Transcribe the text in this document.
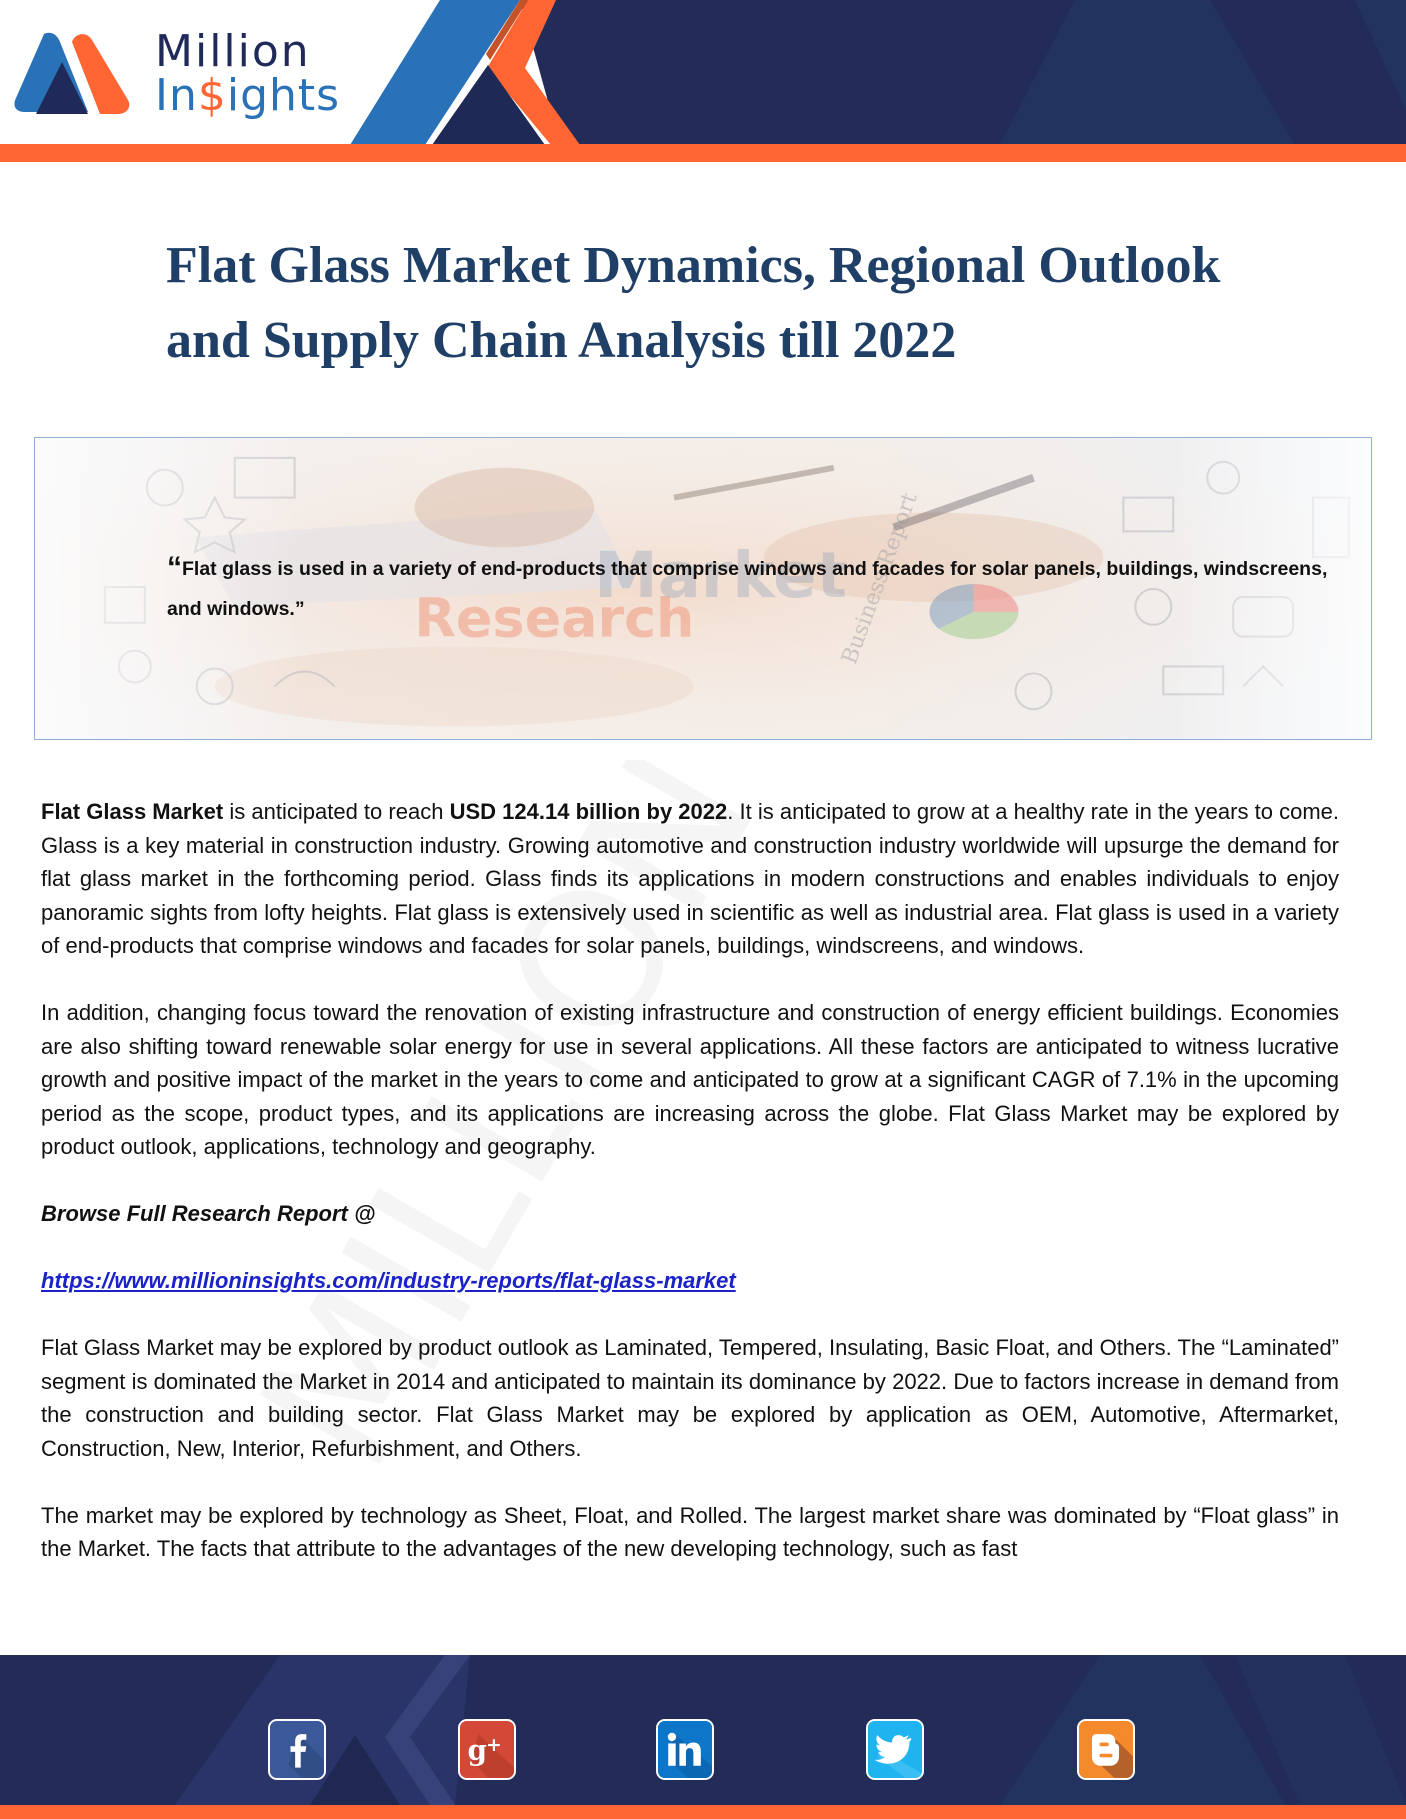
Million
In$ights
Flat Glass Market Dynamics, Regional Outlook
and Supply Chain Analysis till 2022
“Flat glass is used in a variety of end-products that comprise windows and facades for solar panels, buildings, windscreens, and windows.”

Flat Glass Market is anticipated to reach USD 124.14 billion by 2022. It is anticipated to grow at a healthy rate in the years to come. Glass is a key material in construction industry. Growing automotive and construction industry worldwide will upsurge the demand for flat glass market in the forthcoming period. Glass finds its applications in modern constructions and enables individuals to enjoy panoramic sights from lofty heights. Flat glass is extensively used in scientific as well as industrial area. Flat glass is used in a variety of end-products that comprise windows and facades for solar panels, buildings, windscreens, and windows.

In addition, changing focus toward the renovation of existing infrastructure and construction of energy efficient buildings. Economies are also shifting toward renewable solar energy for use in several applications. All these factors are anticipated to witness lucrative growth and positive impact of the market in the years to come and anticipated to grow at a significant CAGR of 7.1% in the upcoming period as the scope, product types, and its applications are increasing across the globe. Flat Glass Market may be explored by product outlook, applications, technology and geography.

Browse Full Research Report @

https://www.millioninsights.com/industry-reports/flat-glass-market

Flat Glass Market may be explored by product outlook as Laminated, Tempered, Insulating, Basic Float, and Others. The “Laminated” segment is dominated the Market in 2014 and anticipated to maintain its dominance by 2022. Due to factors increase in demand from the construction and building sector. Flat Glass Market may be explored by application as OEM, Automotive, Aftermarket, Construction, New, Interior, Refurbishment, and Others.

The market may be explored by technology as Sheet, Float, and Rolled. The largest market share was dominated by “Float glass” in the Market. The facts that attribute to the advantages of the new developing technology, such as fast

g +
